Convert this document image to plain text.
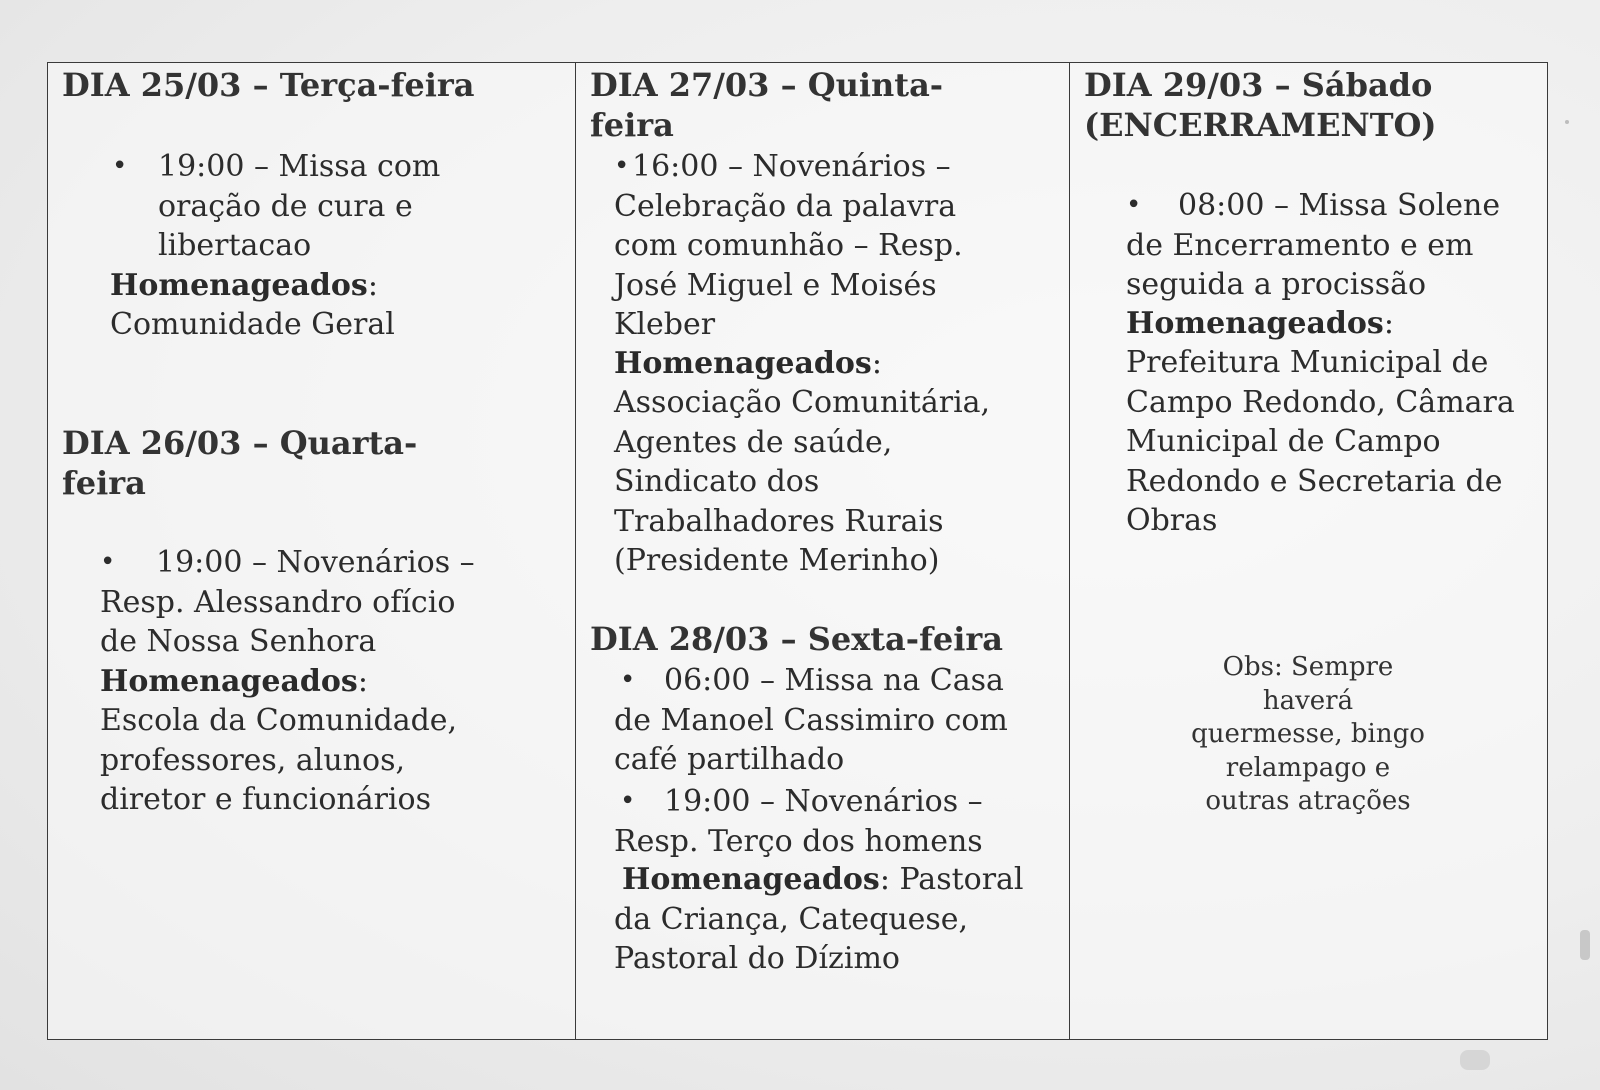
DIA 25/03 – Terça-feira
• 19:00 – Missa com oração de cura e libertacao
Homenageados:
Comunidade Geral
DIA 26/03 – Quarta-feira
•	19:00 – Novenários – Resp. Alessandro ofício de Nossa Senhora
Homenageados:
Escola da Comunidade, professores, alunos, diretor e funcionários
DIA 27/03 – Quinta-feira
• 16:00 – Novenários – Celebração da palavra com comunhão – Resp. José Miguel e Moisés Kleber
Homenageados:
Associação Comunitária, Agentes de saúde, Sindicato dos Trabalhadores Rurais (Presidente Merinho)
DIA 28/03 – Sexta-feira
• 06:00 – Missa na Casa de Manoel Cassimiro com café partilhado
• 19:00 – Novenários – Resp. Terço dos homens
Homenageados: Pastoral da Criança, Catequese, Pastoral do Dízimo
DIA 29/03 – Sábado (ENCERRAMENTO)
•	08:00 – Missa Solene de Encerramento e em seguida a procissão
Homenageados:
Prefeitura Municipal de Campo Redondo, Câmara Municipal de Campo Redondo e Secretaria de Obras
Obs: Sempre haverá quermesse, bingo relampago e outras atrações
